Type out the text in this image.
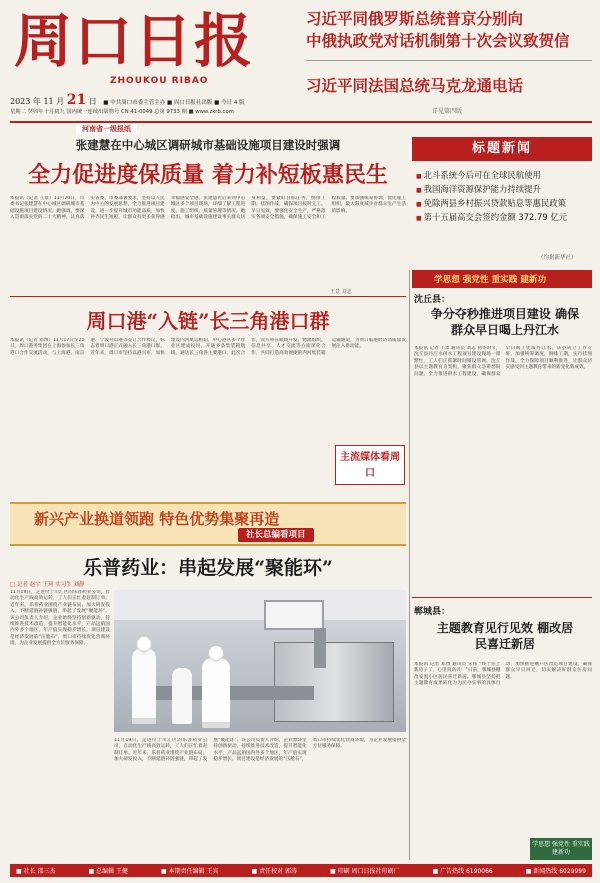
周口日报
ZHOUKOU RIBAO
2023 年 11 月 21 日 ■ 中共周口市委主管主办 ■ 周口日报社出版 ■ 今日 4 版
星期二 癸卯年十月初九 国内统一连续出版物号 CN 41-0049 总第 9733 期 ■ www.zkrb.com
河南省一级报纸
习近平同俄罗斯总统普京分别向
中俄执政党对话机制第十次会议致贺信
习近平同法国总统马克龙通电话
详见第四版
张建慧在中心城区调研城市基础设施项目建设时强调
全力促进度保质量 着力补短板惠民生
本报讯（记者 王景）11月20日，市委书记张建慧在中心城区调研城市基础设施项目建设情况。她强调，要深入贯彻落实党的二十大精神，认真落实省委、市委部署要求，坚持以人民为中心的发展思想，全力推进项目建设，进一步提升城市功能品质，加快补齐民生短板，让群众有更多获得感幸福感安全感。张建慧先后来到中心城区多个项目现场，详细了解工程进度、施工组织、质量管理等情况。她指出，城市基础设施建设事关群众切身利益，要紧盯目标任务，倒排工期、挂图作战，确保项目按时完工、早日见效。要强化安全生产，严格落实各项安全措施，确保施工安全和工程质量。要加强统筹协调，优化施工组织，最大限度减少对群众生产生活的影响。
王景 刘志
标题新闻
■ 北斗系统今后可在全球民航使用
■ 我国海洋资源保护能力持续提升
■ 免除两县乡村振兴贷款贴息等惠民政策
■ 第十五届高交会签约金额 372.79 亿元
（均据新华社）
周口港“入链”长三角港口群
本报讯（记者 邓博）11月17日至20日，周口港务集团在上海参加长三角港口合作交流活动，与上海港、南京港、宁波舟山港等签订合作协议，标志着周口港正式融入长三角港口群。近年来，周口市坚持以港兴市，加快建设内河航运枢纽，中心港区多个作业区建成投用，开通多条集装箱航线，通达长三角各主要港口。此次合作，双方将在航线开发、物流组织、信息共享、人才交流等方面深化合作，共同打造高效便捷的内河集装箱运输通道，为周口临港经济高质量发展注入新动能。
主流媒体看周口
新兴产业换道领跑 特色优势集聚再造
社长总编看项目
乐普药业：串起发展“聚能环”
□ 记者 赵宇 王珂 实习生 刘静
11月19日，走进位于川汇区的乐普药业公司，自动化生产线高效运转，工人们正忙着赶制订单。近年来，乐普药业围绕产业链布局，加大研发投入，不断延链补链强链，串起了发展“聚能环”。该公司负责人介绍，企业始终坚持创新驱动，持续推进技术改造，提升智能化水平，产品远销国内外多个地区，年产值实现稳步增长。项目建设是经济发展的“压舱石”，周口市持续优化营商环境，为企业发展提供全方位服务保障。
11月19日，走进位于川汇区的乐普药业公司，自动化生产线高效运转，工人们正忙着赶制订单。近年来，乐普药业围绕产业链布局，加大研发投入，不断延链补链强链，串起了发展“聚能环”。该公司负责人介绍，企业始终坚持创新驱动，持续推进技术改造，提升智能化水平，产品远销国内外多个地区，年产值实现稳步增长。项目建设是经济发展的“压舱石”，周口市持续优化营商环境，为企业发展提供全方位服务保障。
学思想 强党性 重实践 建新功
沈丘县：
争分夺秒推进项目建设 确保群众早日喝上丹江水
本报讯 记者 王景 通讯员 刘志 初冬时节，沈丘县丹江水供水工程项目建设现场一派繁忙，工人们正抓紧时间铺设管网。沈丘县以主题教育为契机，聚焦群众急难愁盼问题，全力推进供水工程建设，确保群众早日喝上优质丹江水。该县成立工作专班，加强统筹调度，倒排工期，实行挂图作战，全力保障项目顺利推进，让群众切实感受到主题教育带来的新变化新成效。
郸城县：
主题教育见行见效 棚改居民喜迁新居
本报讯 记者 邓博 通讯员 宋伟 “终于住上新房子了，心里真高兴！”日前，郸城县棚改安置小区居民喜迁新居。郸城县坚持把主题教育成果转化为为民办实事的具体行动，加快推进棚户区改造项目建设，确保群众早日回迁，切实解决好群众住房问题。
学思想 强党性 重实践 建新功
■ 社长 邵三杰	■ 总编辑 王健	■ 本期责任编辑 王宾	■ 责任校对 郭涛	■ 印刷 周口日报社印刷厂	■ 广告热线 6190066	■ 新闻热线 6029999
